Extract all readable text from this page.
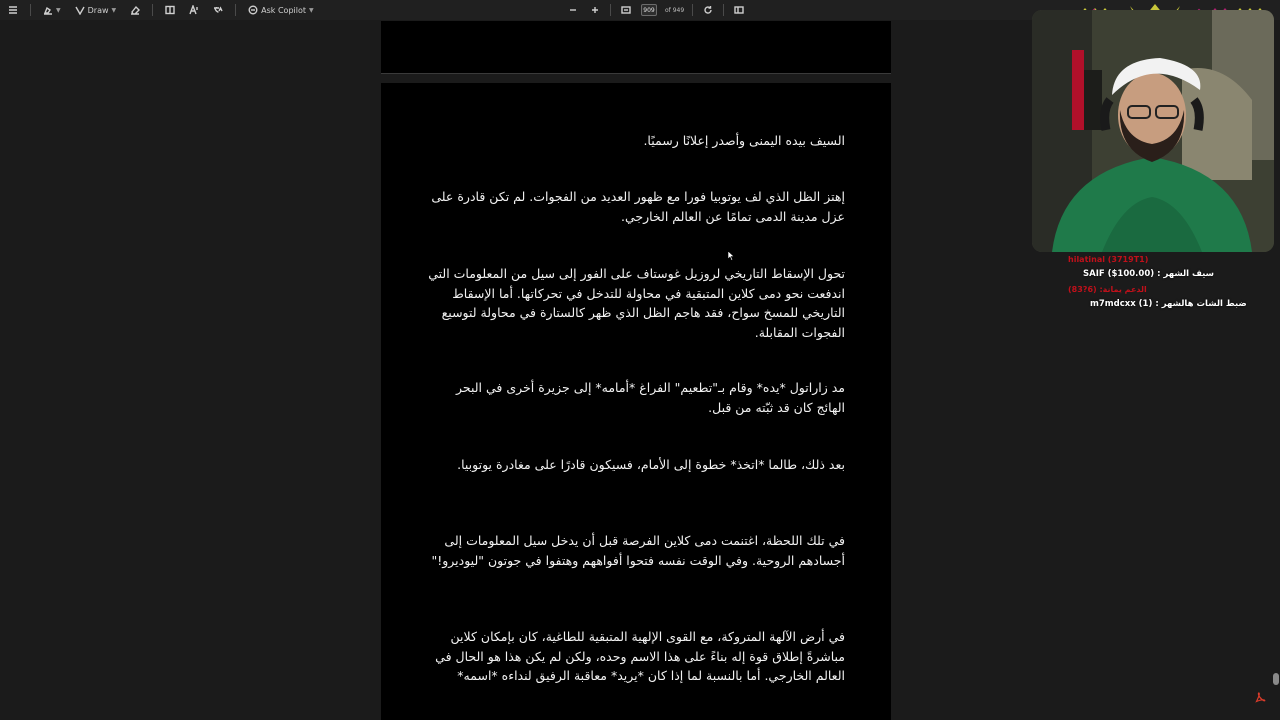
▼	Draw ▼	Ask Copilot ▼
909	of 949

السيف بيده اليمنى وأصدر إعلانًا رسميًا.

إهتز الظل الذي لف يوتوبيا فورا مع ظهور العديد من الفجوات. لم تكن قادرة على عزل مدينة الدمى تمامًا عن العالم الخارجي.

تحول الإسقاط التاريخي لروزيل غوستاف على الفور إلى سيل من المعلومات التي اندفعت نحو دمى كلاين المتبقية في محاولة للتدخل في تحركاتها. أما الإسقاط التاريخي للمسخ سواح، فقد هاجم الظل الذي ظهر كالستارة في محاولة لتوسيع الفجوات المقابلة.

مد زاراتول *يده* وقام بـ"تطعيم" الفراغ *أمامه* إلى جزيرة أخرى في البحر الهائج كان قد ثبّته من قبل.

بعد ذلك، طالما *اتخذ* خطوة إلى الأمام، فسيكون قادرًا على مغادرة يوتوبيا.

في تلك اللحظة، اغتنمت دمى كلاين الفرصة قبل أن يدخل سيل المعلومات إلى أجسادهم الروحية. وفي الوقت نفسه فتحوا أفواههم وهتفوا في جوتون "ليوديرو!"

في أرض الآلهة المتروكة، مع القوى الإلهية المتبقية للطاغية، كان بإمكان كلاين مباشرةً إطلاق قوة إله بناءً على هذا الاسم وحده، ولكن لم يكن هذا هو الحال في العالم الخارجي. أما بالنسبة لما إذا كان *يريد* معاقبة الرفيق لنداءه *اسمه*

hilatinal (3719T1)
سيف الشهر : SAIF ($100.00)
الدعم يمانة: (6?83)
ضبط الشات هالشهر : m7mdcxx (1)
